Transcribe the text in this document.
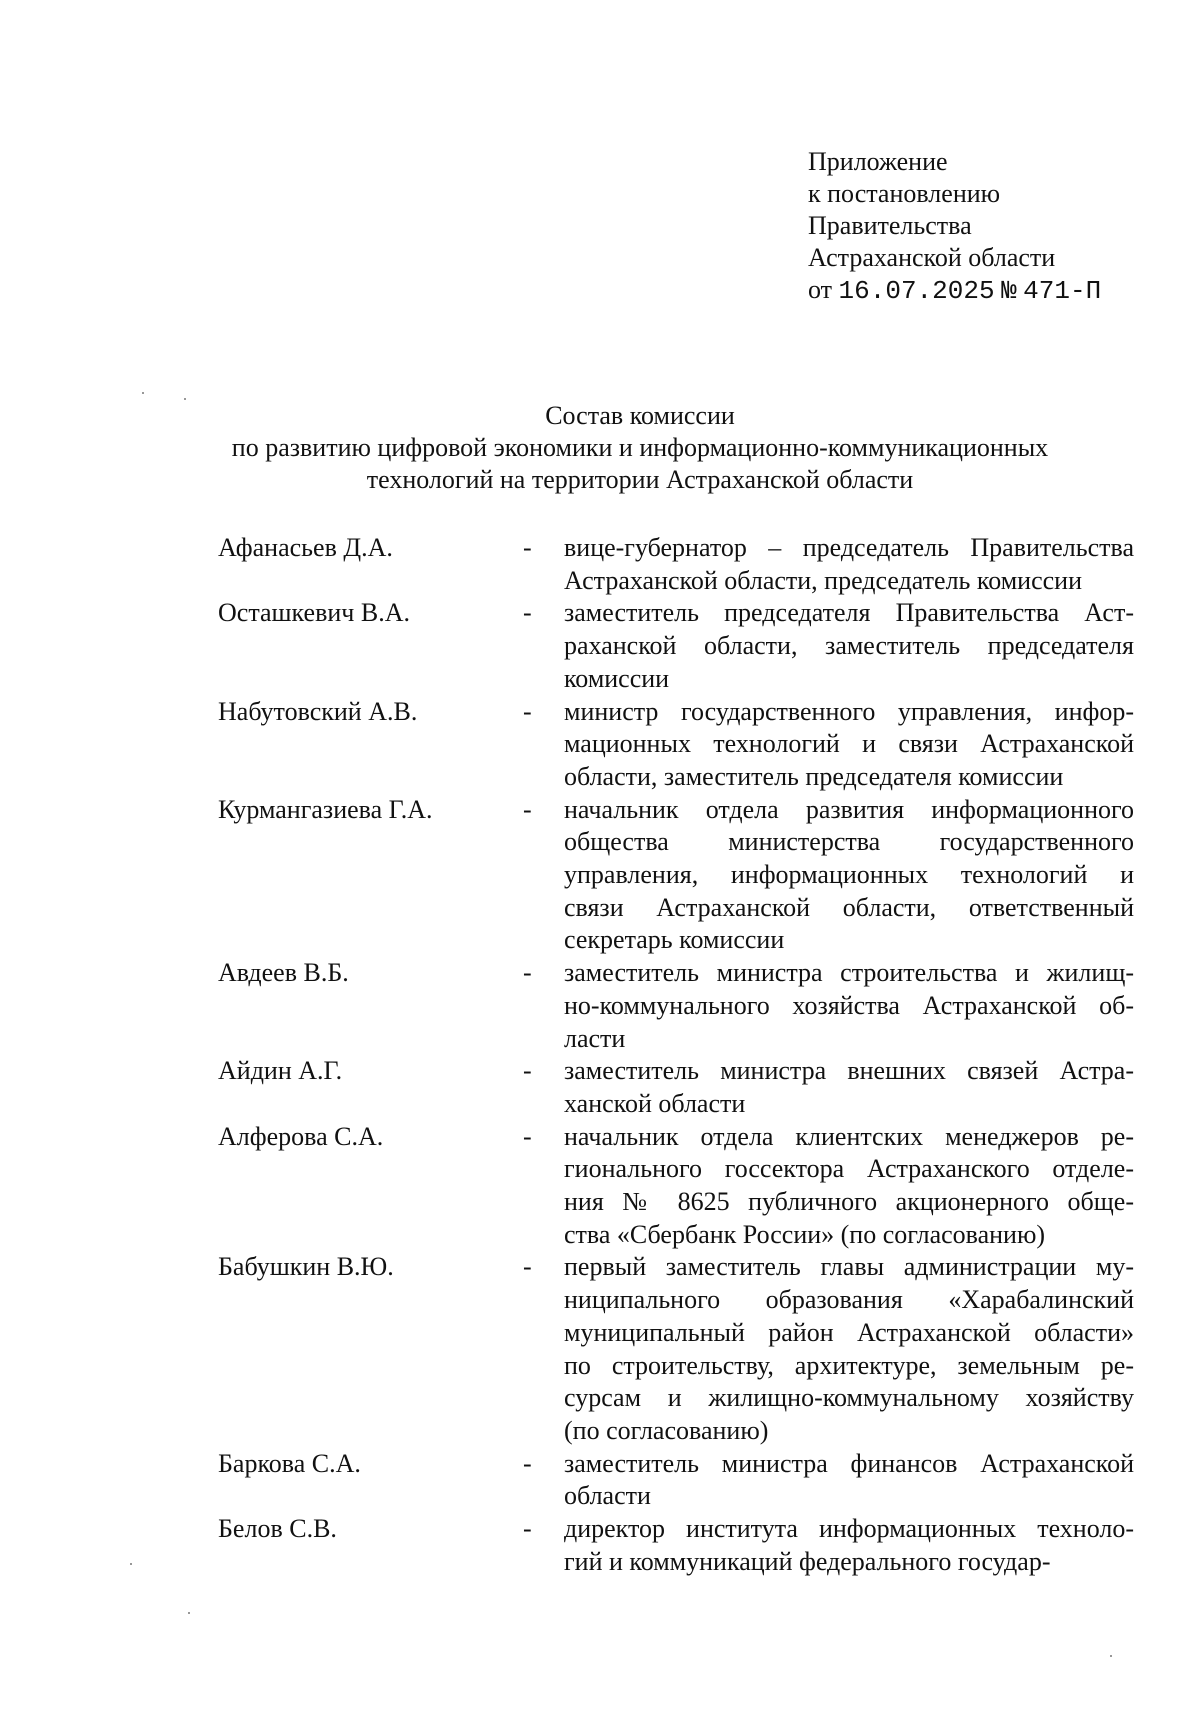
Приложение
к постановлению
Правительства
Астраханской области
от 16.07.2025 № 471-П
Состав комиссии
по развитию цифровой экономики и информационно-коммуникационных
технологий на территории Астраханской области
Афанасьев Д.А.	-	вице-губернатор – председатель Правительства
Астраханской области, председатель комиссии
Осташкевич В.А.	-	заместитель председателя Правительства Аст-
раханской области, заместитель председателя
комиссии
Набутовский А.В.	-	министр государственного управления, инфор-
мационных технологий и связи Астраханской
области, заместитель председателя комиссии
Курмангазиева Г.А.	-	начальник отдела развития информационного
общества министерства государственного
управления, информационных технологий и
связи Астраханской области, ответственный
секретарь комиссии
Авдеев В.Б.	-	заместитель министра строительства и жилищ-
но-коммунального хозяйства Астраханской об-
ласти
Айдин А.Г.	-	заместитель министра внешних связей Астра-
ханской области
Алферова С.А.	-	начальник отдела клиентских менеджеров ре-
гионального госсектора Астраханского отделе-
ния № 8625 публичного акционерного обще-
ства «Сбербанк России» (по согласованию)
Бабушкин В.Ю.	-	первый заместитель главы администрации му-
ниципального образования «Харабалинский
муниципальный район Астраханской области»
по строительству, архитектуре, земельным ре-
сурсам и жилищно-коммунальному хозяйству
(по согласованию)
Баркова С.А.	-	заместитель министра финансов Астраханской
области
Белов С.В.	-	директор института информационных техноло-
гий и коммуникаций федерального государ-
